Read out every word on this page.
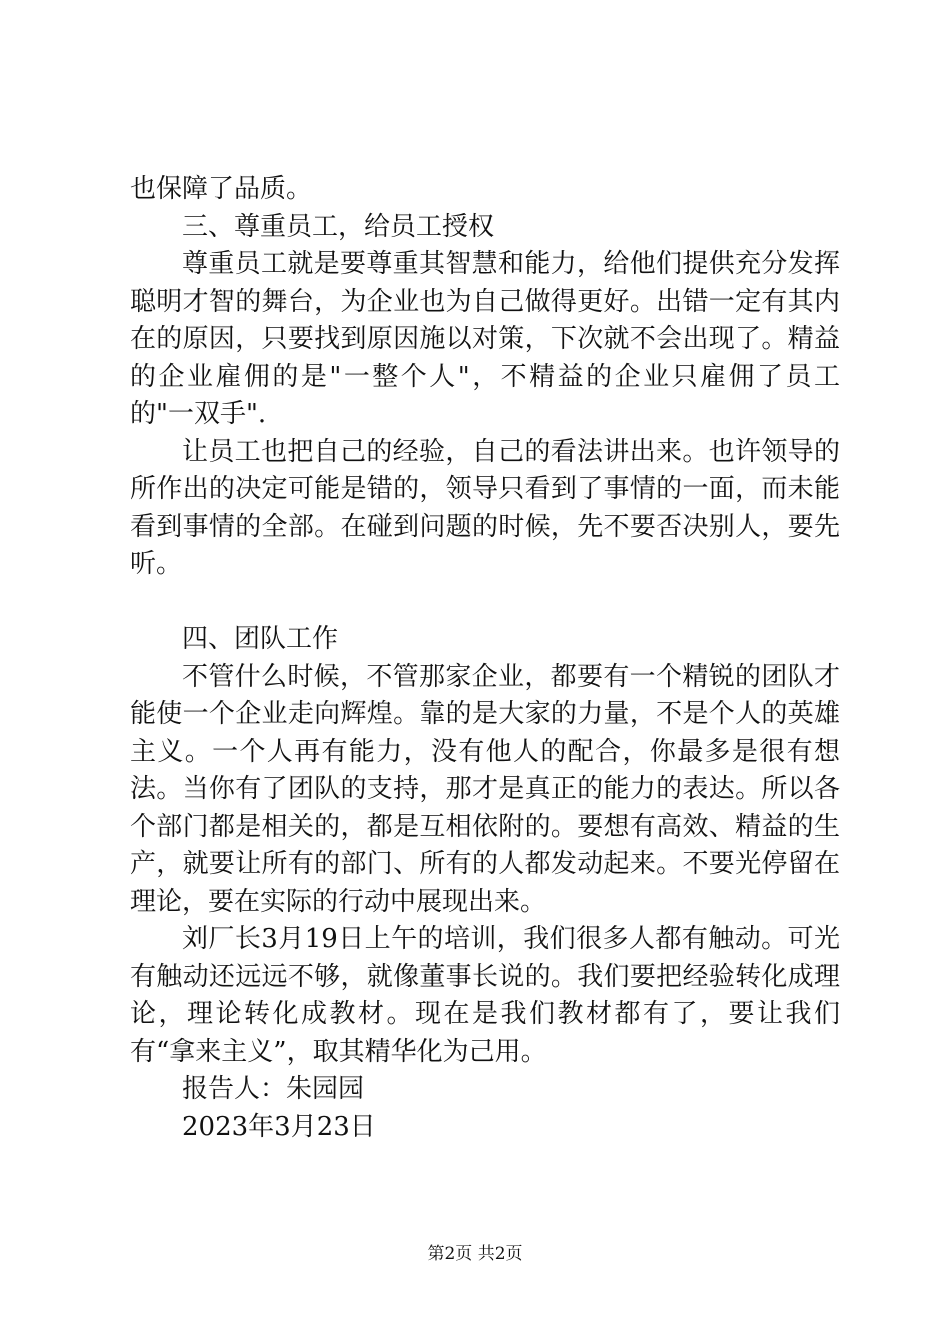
也保障了品质。

三、尊重员工，给员工授权

尊重员工就是要尊重其智慧和能力，给他们提供充分发挥聪明才智的舞台，为企业也为自己做得更好。出错一定有其内在的原因，只要找到原因施以对策，下次就不会出现了。精益的企业雇佣的是"一整个人"，不精益的企业只雇佣了员工的"一双手".

让员工也把自己的经验，自己的看法讲出来。也许领导的所作出的决定可能是错的，领导只看到了事情的一面，而未能看到事情的全部。在碰到问题的时候，先不要否决别人，要先听。

四、团队工作

不管什么时候，不管那家企业，都要有一个精锐的团队才能使一个企业走向辉煌。靠的是大家的力量，不是个人的英雄主义。一个人再有能力，没有他人的配合，你最多是很有想法。当你有了团队的支持，那才是真正的能力的表达。所以各个部门都是相关的，都是互相依附的。要想有高效、精益的生产，就要让所有的部门、所有的人都发动起来。不要光停留在理论，要在实际的行动中展现出来。

刘厂长3月19日上午的培训，我们很多人都有触动。可光有触动还远远不够，就像董事长说的。我们要把经验转化成理论，理论转化成教材。现在是我们教材都有了，要让我们有“拿来主义”，取其精华化为己用。

报告人：朱园园

2023年3月23日

第2页 共2页
